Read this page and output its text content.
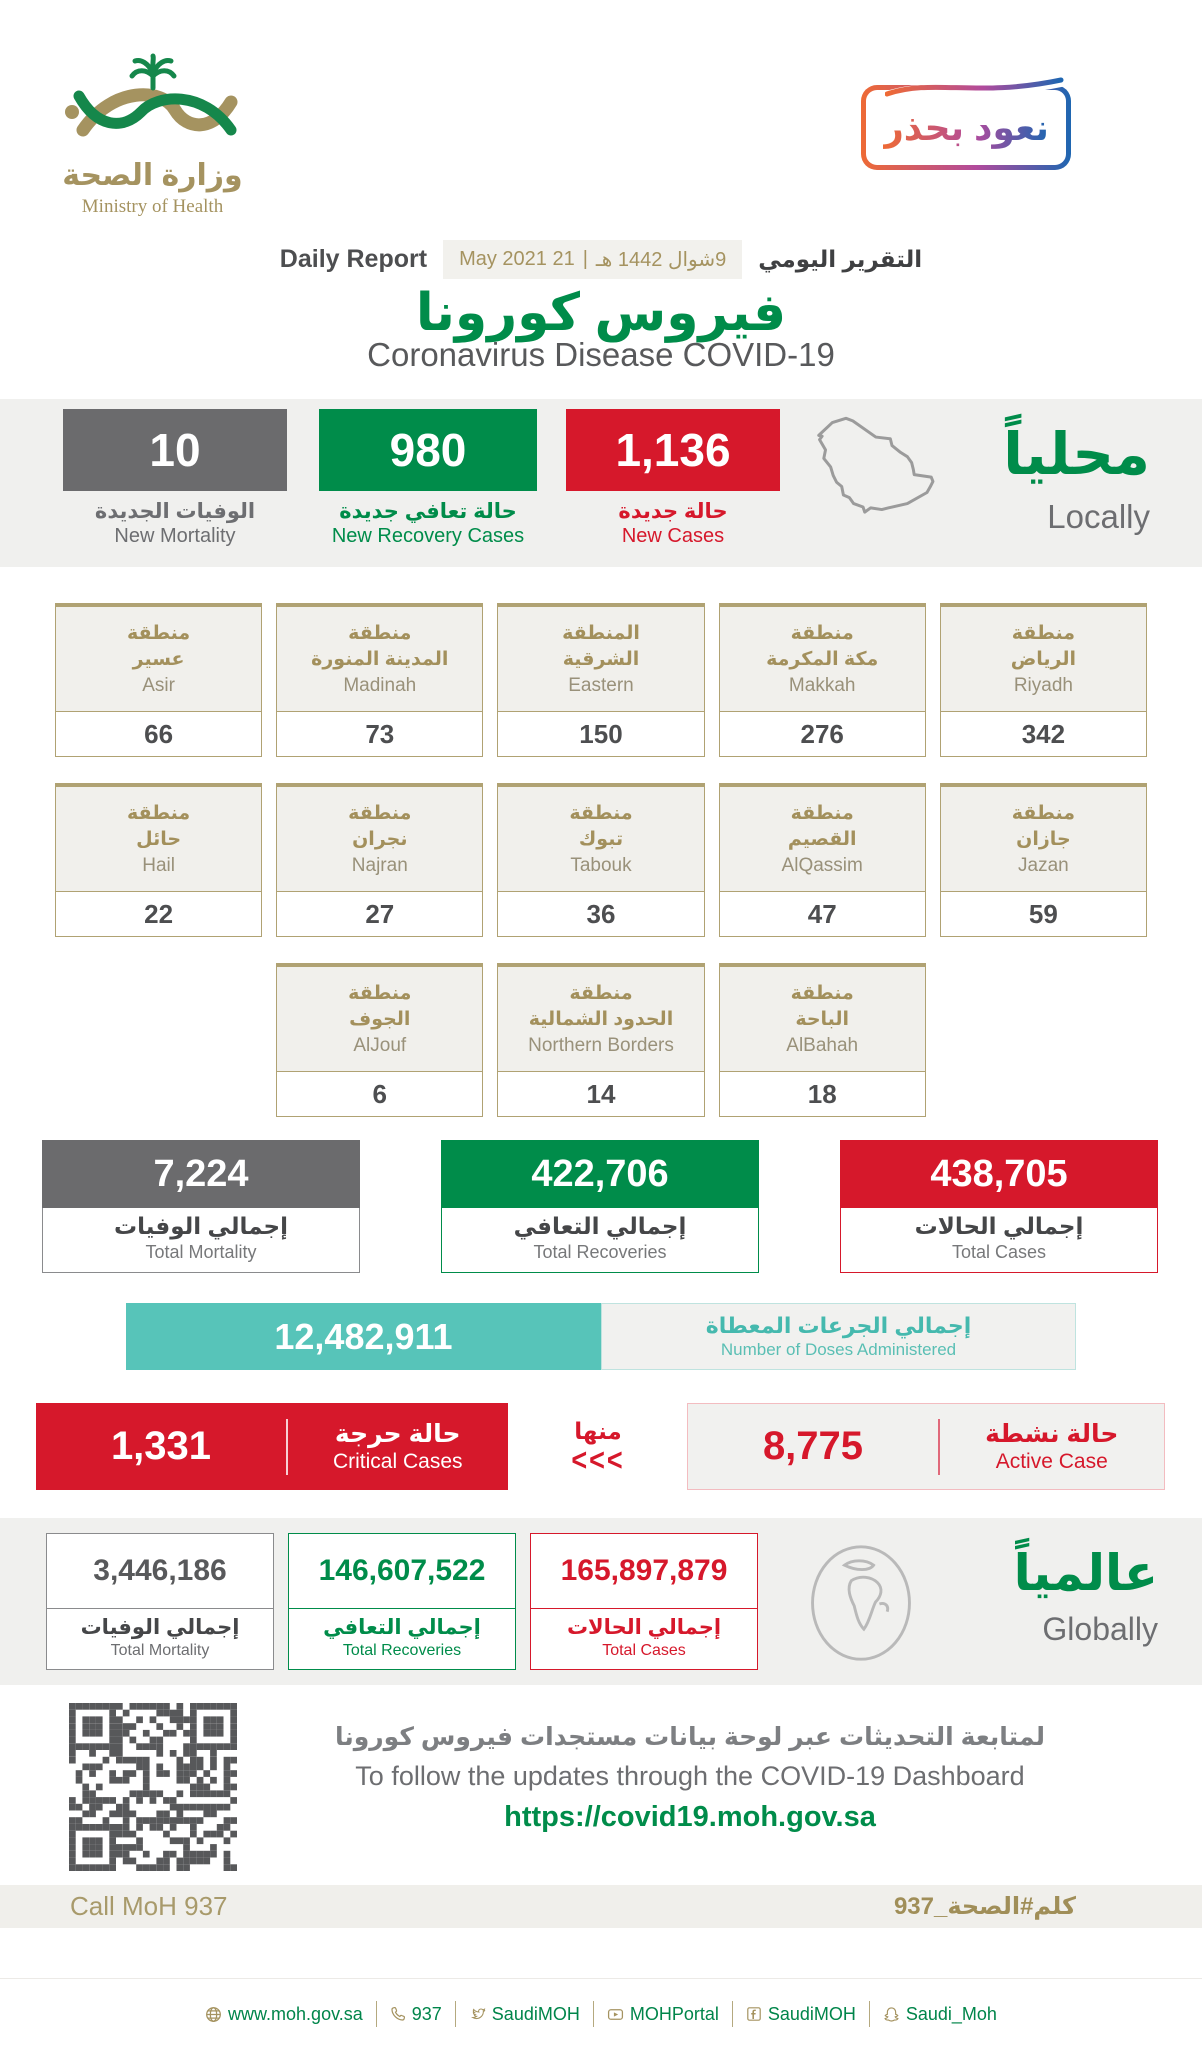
وزارة الصحة
Ministry of Health
نعود بحذر
Daily Report	9شوال 1442 هـ
|
21 May 2021	التقرير اليومي
فيروس كورونا
Coronavirus Disease COVID-19
10
الوفيات الجديدة
New Mortality
980
حالة تعافي جديدة
New Recovery Cases
1,136
حالة جديدة
New Cases
محلياً
Locally
منطقة
عسير
Asir
66
منطقة
المدينة المنورة
Madinah
73
المنطقة
الشرقية
Eastern
150
منطقة
مكة المكرمة
Makkah
276
منطقة
الرياض
Riyadh
342
منطقة
حائل
Hail
22
منطقة
نجران
Najran
27
منطقة
تبوك
Tabouk
36
منطقة
القصيم
AlQassim
47
منطقة
جازان
Jazan
59
منطقة
الجوف
AlJouf
6
منطقة
الحدود الشمالية
Northern Borders
14
منطقة
الباحة
AlBahah
18
7,224
إجمالي الوفيات
Total Mortality
422,706
إجمالي التعافي
Total Recoveries
438,705
إجمالي الحالات
Total Cases
12,482,911	إجمالي الجرعات المعطاة
Number of Doses Administered
1,331	حالة حرجة
Critical Cases
منها
<<<	8,775	حالة نشطة
Active Case
3,446,186
إجمالي الوفيات
Total Mortality
146,607,522
إجمالي التعافي
Total Recoveries
165,897,879
إجمالي الحالات
Total Cases
عالمياً
Globally
لمتابعة التحديثات عبر لوحة بيانات مستجدات فيروس كورونا
To follow the updates through the COVID-19 Dashboard
https://covid19.moh.gov.sa
Call MoH 937	كلم#الصحة_937
www.moh.gov.sa	937	SaudiMOH	MOHPortal	SaudiMOH	Saudi_Moh
